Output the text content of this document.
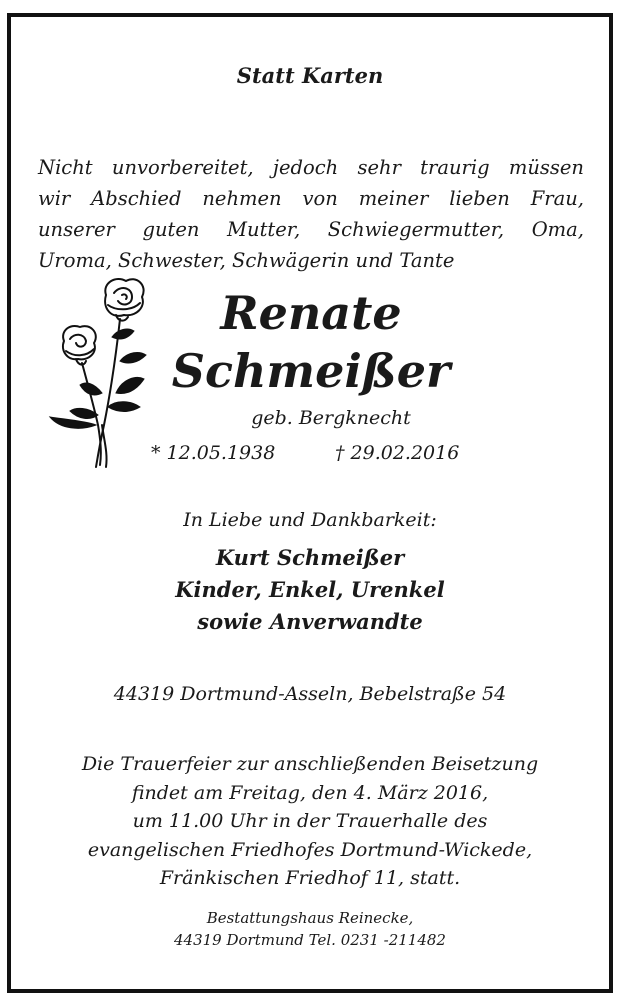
Statt Karten
Nicht unvorbereitet, jedoch sehr traurig müssen
wir Abschied nehmen von meiner lieben Frau,
unserer guten Mutter, Schwiegermutter, Oma,
Uroma, Schwester, Schwägerin und Tante
Renate
Schmeißer
geb. Bergknecht
* 12.05.1938	† 29.02.2016
In Liebe und Dankbarkeit:
Kurt Schmeißer
Kinder, Enkel, Urenkel
sowie Anverwandte
44319 Dortmund-Asseln, Bebelstraße 54
Die Trauerfeier zur anschließenden Beisetzung
findet am Freitag, den 4. März 2016,
um 11.00 Uhr in der Trauerhalle des
evangelischen Friedhofes Dortmund-Wickede,
Fränkischen Friedhof 11, statt.
Bestattungshaus Reinecke,
44319 Dortmund Tel. 0231 -211482
